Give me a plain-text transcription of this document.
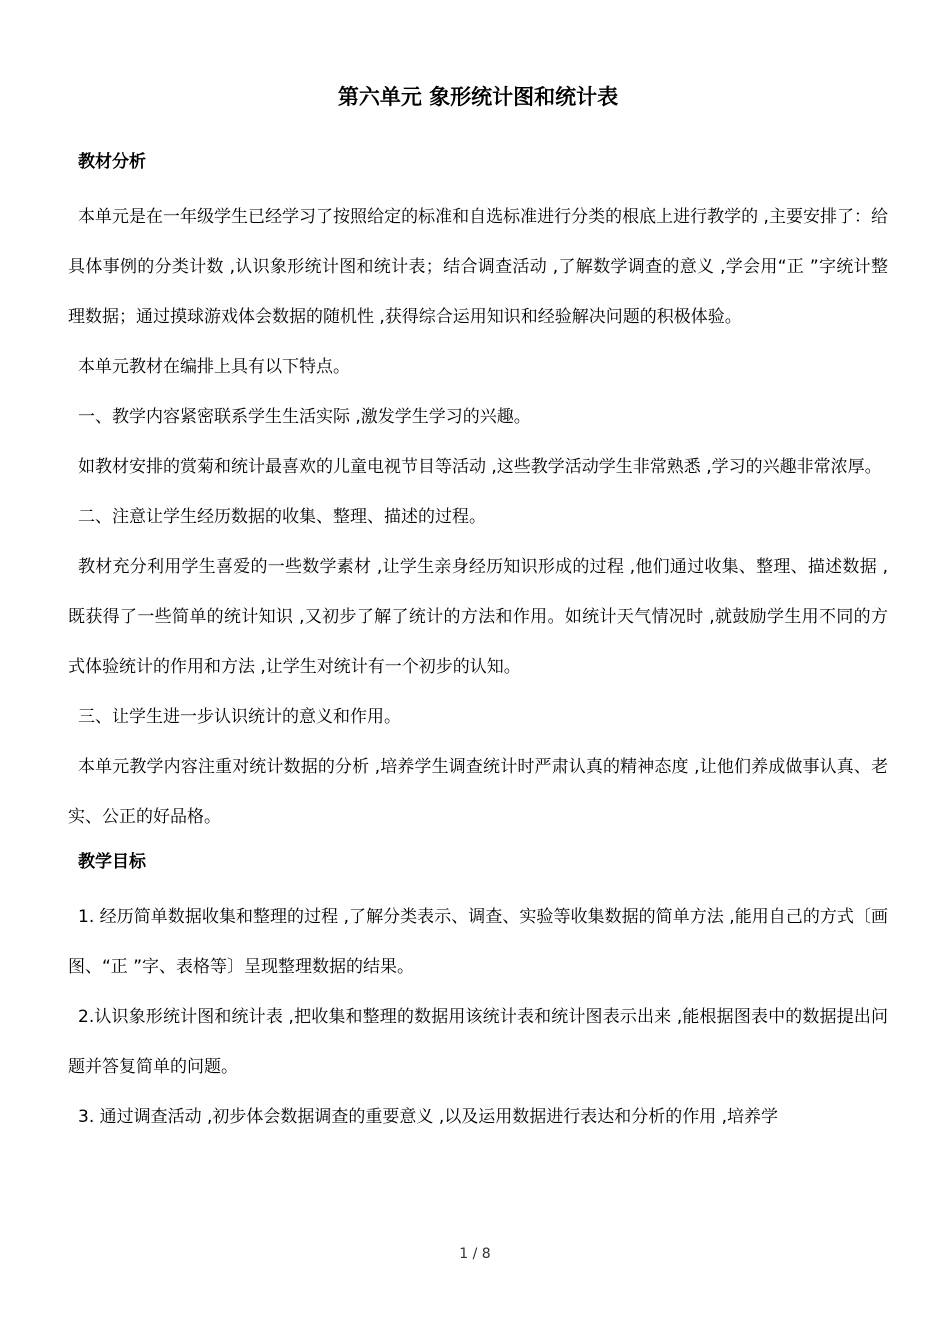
第六单元 象形统计图和统计表
教材分析

本单元是在一年级学生已经学习了按照给定的标准和自选标准进行分类的根底上进行教学的 ,主要安排了：给具体事例的分类计数 ,认识象形统计图和统计表；结合调查活动 ,了解数学调查的意义 ,学会用“正 ”字统计整理数据；通过摸球游戏体会数据的随机性 ,获得综合运用知识和经验解决问题的积极体验。

本单元教材在编排上具有以下特点。

一、教学内容紧密联系学生生活实际 ,激发学生学习的兴趣。

如教材安排的赏菊和统计最喜欢的儿童电视节目等活动 ,这些教学活动学生非常熟悉 ,学习的兴趣非常浓厚。

二、注意让学生经历数据的收集、整理、描述的过程。

教材充分利用学生喜爱的一些数学素材 ,让学生亲身经历知识形成的过程 ,他们通过收集、整理、描述数据 ,既获得了一些简单的统计知识 ,又初步了解了统计的方法和作用。如统计天气情况时 ,就鼓励学生用不同的方式体验统计的作用和方法 ,让学生对统计有一个初步的认知。

三、让学生进一步认识统计的意义和作用。

本单元教学内容注重对统计数据的分析 ,培养学生调查统计时严肃认真的精神态度 ,让他们养成做事认真、老实、公正的好品格。

教学目标

1. 经历简单数据收集和整理的过程 ,了解分类表示、调查、实验等收集数据的简单方法 ,能用自己的方式〔画图、“正 ”字、表格等〕呈现整理数据的结果。

2.认识象形统计图和统计表 ,把收集和整理的数据用该统计表和统计图表示出来 ,能根据图表中的数据提出问题并答复简单的问题。

3. 通过调查活动 ,初步体会数据调查的重要意义 ,以及运用数据进行表达和分析的作用 ,培养学

1 / 8
